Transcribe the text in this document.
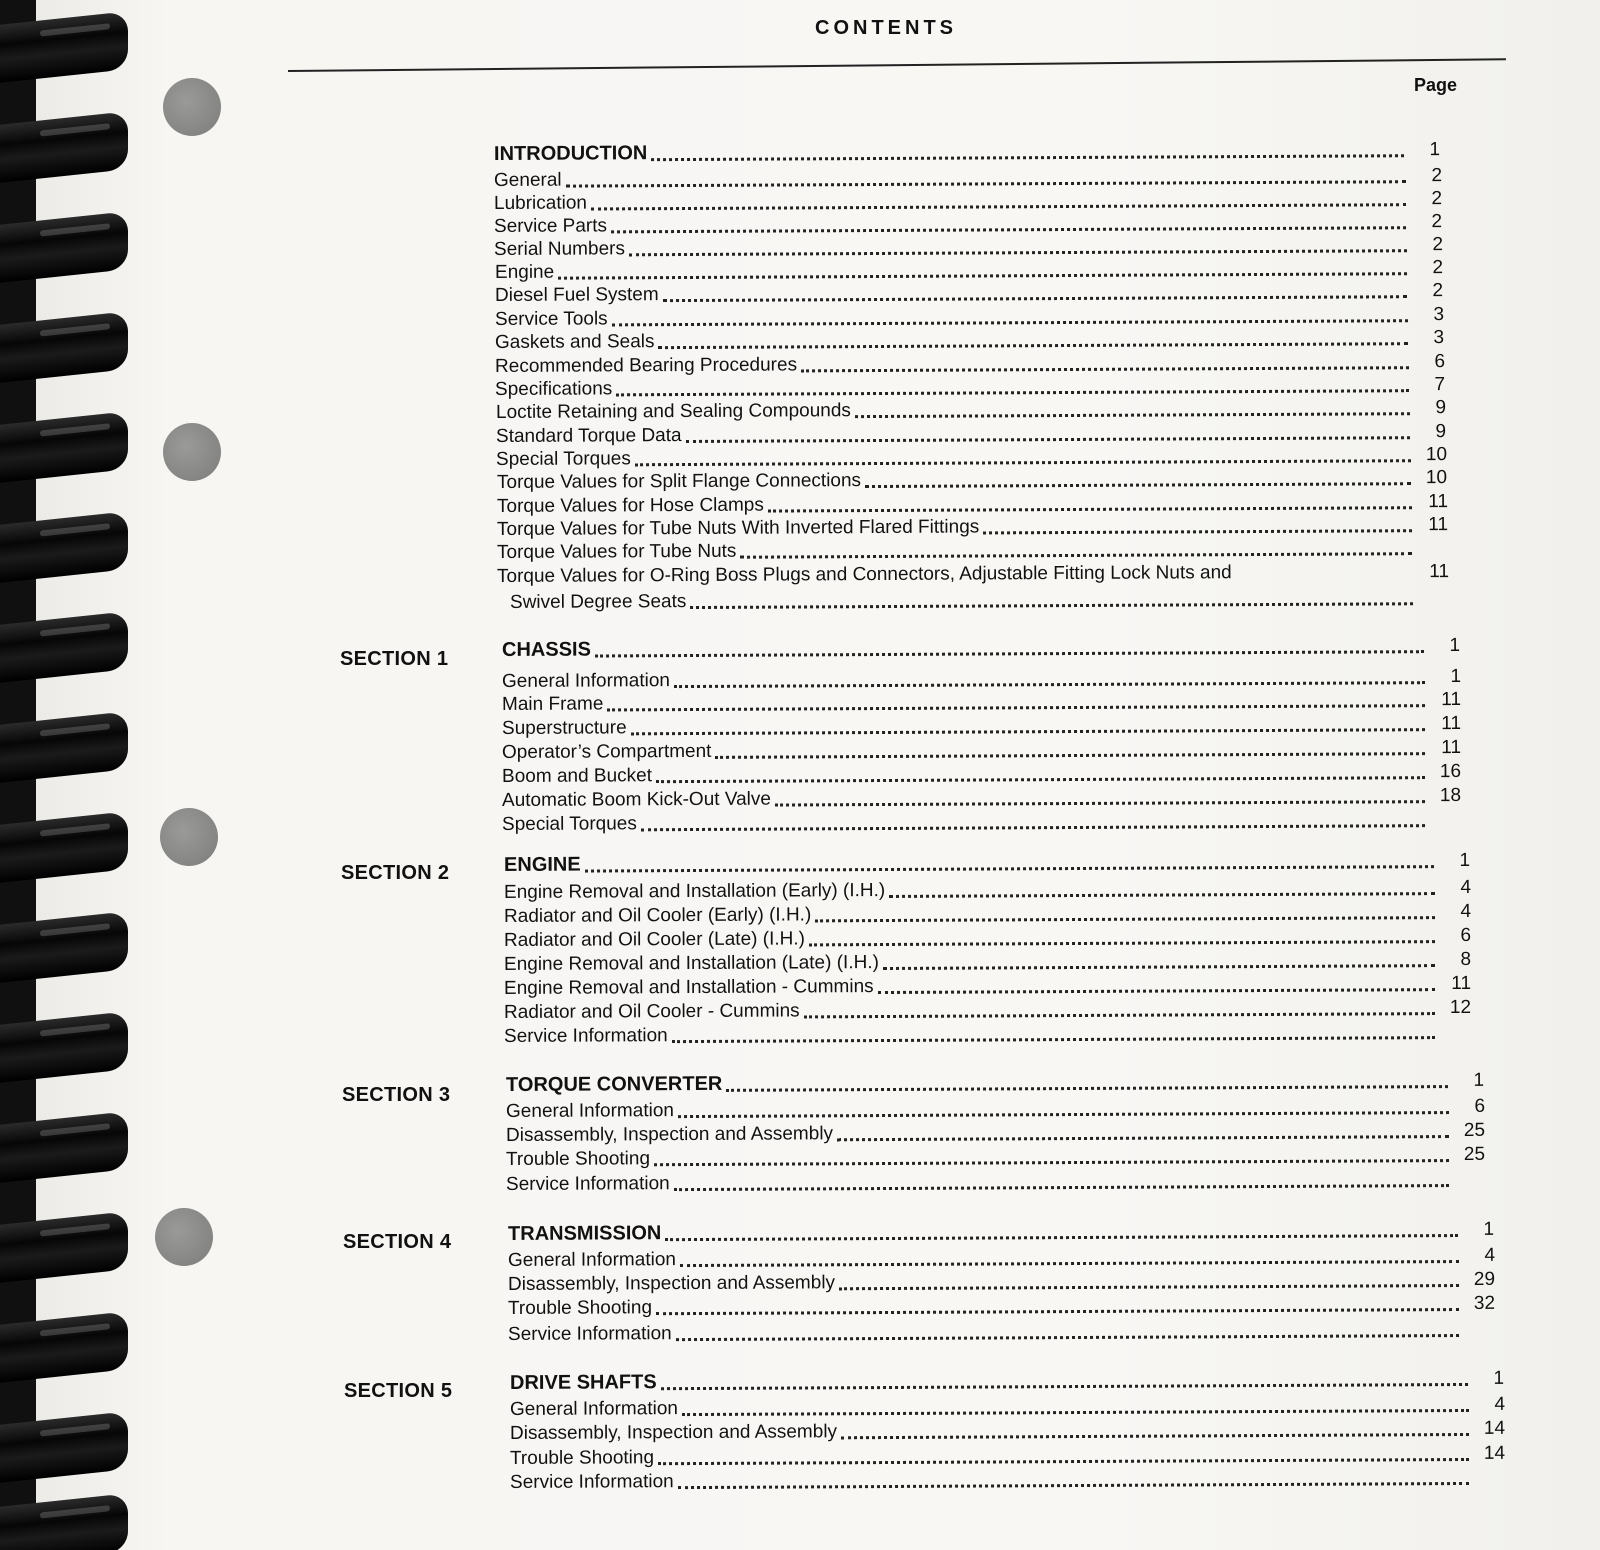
CONTENTS
Page
INTRODUCTION	1
General	2
Lubrication	2
Service Parts	2
Serial Numbers	2
Engine	2
Diesel Fuel System	2
Service Tools	3
Gaskets and Seals	3
Recommended Bearing Procedures	6
Specifications	7
Loctite Retaining and Sealing Compounds	9
Standard Torque Data	9
Special Torques	10
Torque Values for Split Flange Connections	10
Torque Values for Hose Clamps	11
Torque Values for Tube Nuts With Inverted Flared Fittings	11
Torque Values for Tube Nuts
Torque Values for O-Ring Boss Plugs and Connectors, Adjustable Fitting Lock Nuts and	11
Swivel Degree Seats
SECTION 1	CHASSIS	1
General Information	1
Main Frame	11
Superstructure	11
Operator’s Compartment	11
Boom and Bucket	16
Automatic Boom Kick-Out Valve	18
Special Torques
SECTION 2	ENGINE	1
Engine Removal and Installation (Early) (I.H.)	4
Radiator and Oil Cooler (Early) (I.H.)	4
Radiator and Oil Cooler (Late) (I.H.)	6
Engine Removal and Installation (Late) (I.H.)	8
Engine Removal and Installation - Cummins	11
Radiator and Oil Cooler - Cummins	12
Service Information
SECTION 3	TORQUE CONVERTER	1
General Information	6
Disassembly, Inspection and Assembly	25
Trouble Shooting	25
Service Information
SECTION 4	TRANSMISSION	1
General Information	4
Disassembly, Inspection and Assembly	29
Trouble Shooting	32
Service Information
SECTION 5	DRIVE SHAFTS	1
General Information	4
Disassembly, Inspection and Assembly	14
Trouble Shooting	14
Service Information
